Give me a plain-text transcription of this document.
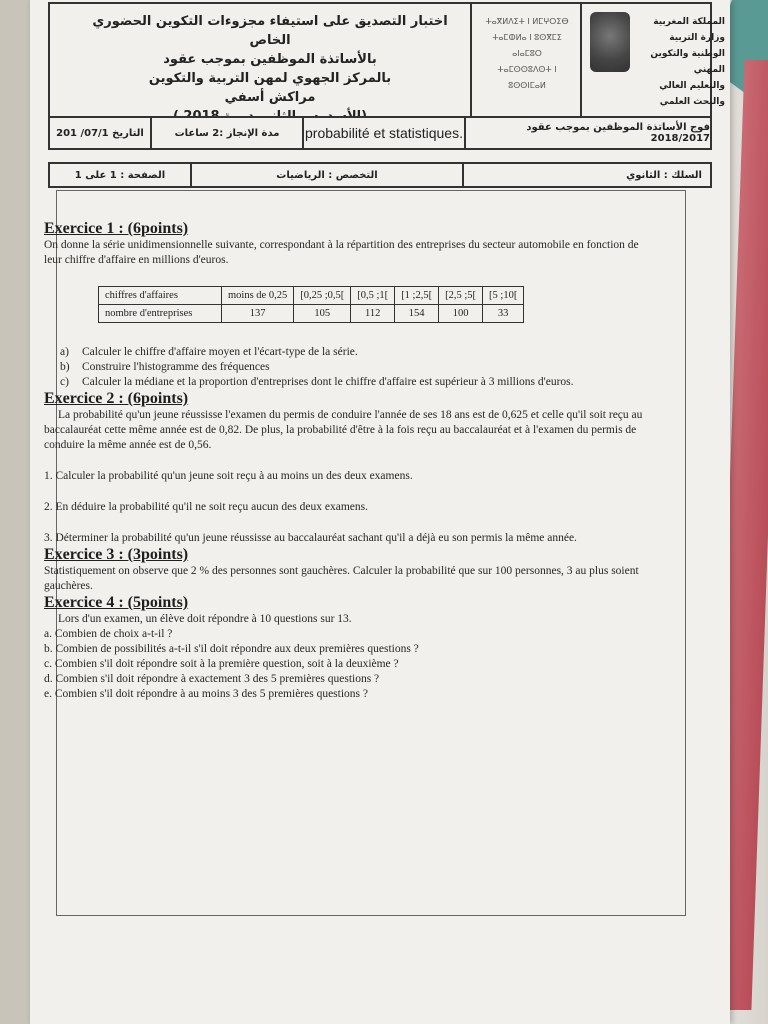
اختبار التصديق على استيفاء مجزوءات التكوين الحضوري الخاص
بالأساتذة الموظفين بموجب عقود
بالمركز الجهوي لمهن التربية والتكوين
مراكش أسفي
ⵜⴰⴳⵍⴷⵉⵜ ⵏ ⵍⵎⵖⵔⵉⴱ
ⵜⴰⵎⵀⵍⴰ ⵏ ⵓⵙⴳⵎⵉ ⴰⵏⴰⵎⵓⵔ
ⵜⴰⵎⵙⵙⵓⴷⵙⵜ ⵏ ⵓⵙⵙⵏⵎⴰⵍ
المملكة المغربية
وزارة التربية الوطنية والتكوين المهني
والتعليم العالي والبحث العلمي
201 /07/1 التاريخ	مدة الإنجاز :2 ساعات	probabilité et statistiques.	فوج الأساتذة الموظفين بموجب عقود 2018/2017
الصفحة : 1 على 1	التخصص : الرياضيات	السلك : الثانوي
Exercice 1 : (6points)

On donne la série unidimensionnelle suivante, correspondant à la répartition des entreprises du secteur automobile en fonction de leur chiffre d'affaire en millions d'euros.

chiffres d'affaires	moins de 0,25	[0,25 ;0,5[	[0,5 ;1[	[1 ;2,5[	[2,5 ;5[	[5 ;10[
nombre d'entreprises	137	105	112	154	100	33
a)	Calculer le chiffre d'affaire moyen et l'écart-type de la série.
b)	Construire l'histogramme des fréquences
c)	Calculer la médiane et la proportion d'entreprises dont le chiffre d'affaire est supérieur à 3 millions d'euros.
Exercice 2 : (6points)

La probabilité qu'un jeune réussisse l'examen du permis de conduire l'année de ses 18 ans est de 0,625 et celle qu'il soit reçu au baccalauréat cette même année est de 0,82. De plus, la probabilité d'être à la fois reçu au baccalauréat et à l'examen du permis de conduire la même année est de 0,56.

1. Calculer la probabilité qu'un jeune soit reçu à au moins un des deux examens.

2. En déduire la probabilité qu'il ne soit reçu aucun des deux examens.

3. Déterminer la probabilité qu'un jeune réussisse au baccalauréat sachant qu'il a déjà eu son permis la même année.

Exercice 3 : (3points)

Statistiquement on observe que 2 % des personnes sont gauchères. Calculer la probabilité que sur 100 personnes, 3 au plus soient gauchères.

Exercice 4 : (5points)

Lors d'un examen, un élève doit répondre à 10 questions sur 13.

a. Combien de choix a-t-il ?

b. Combien de possibilités a-t-il s'il doit répondre aux deux premières questions ?

c. Combien s'il doit répondre soit à la première question, soit à la deuxième ?

d. Combien s'il doit répondre à exactement 3 des 5 premières questions ?

e. Combien s'il doit répondre à au moins 3 des 5 premières questions ?
